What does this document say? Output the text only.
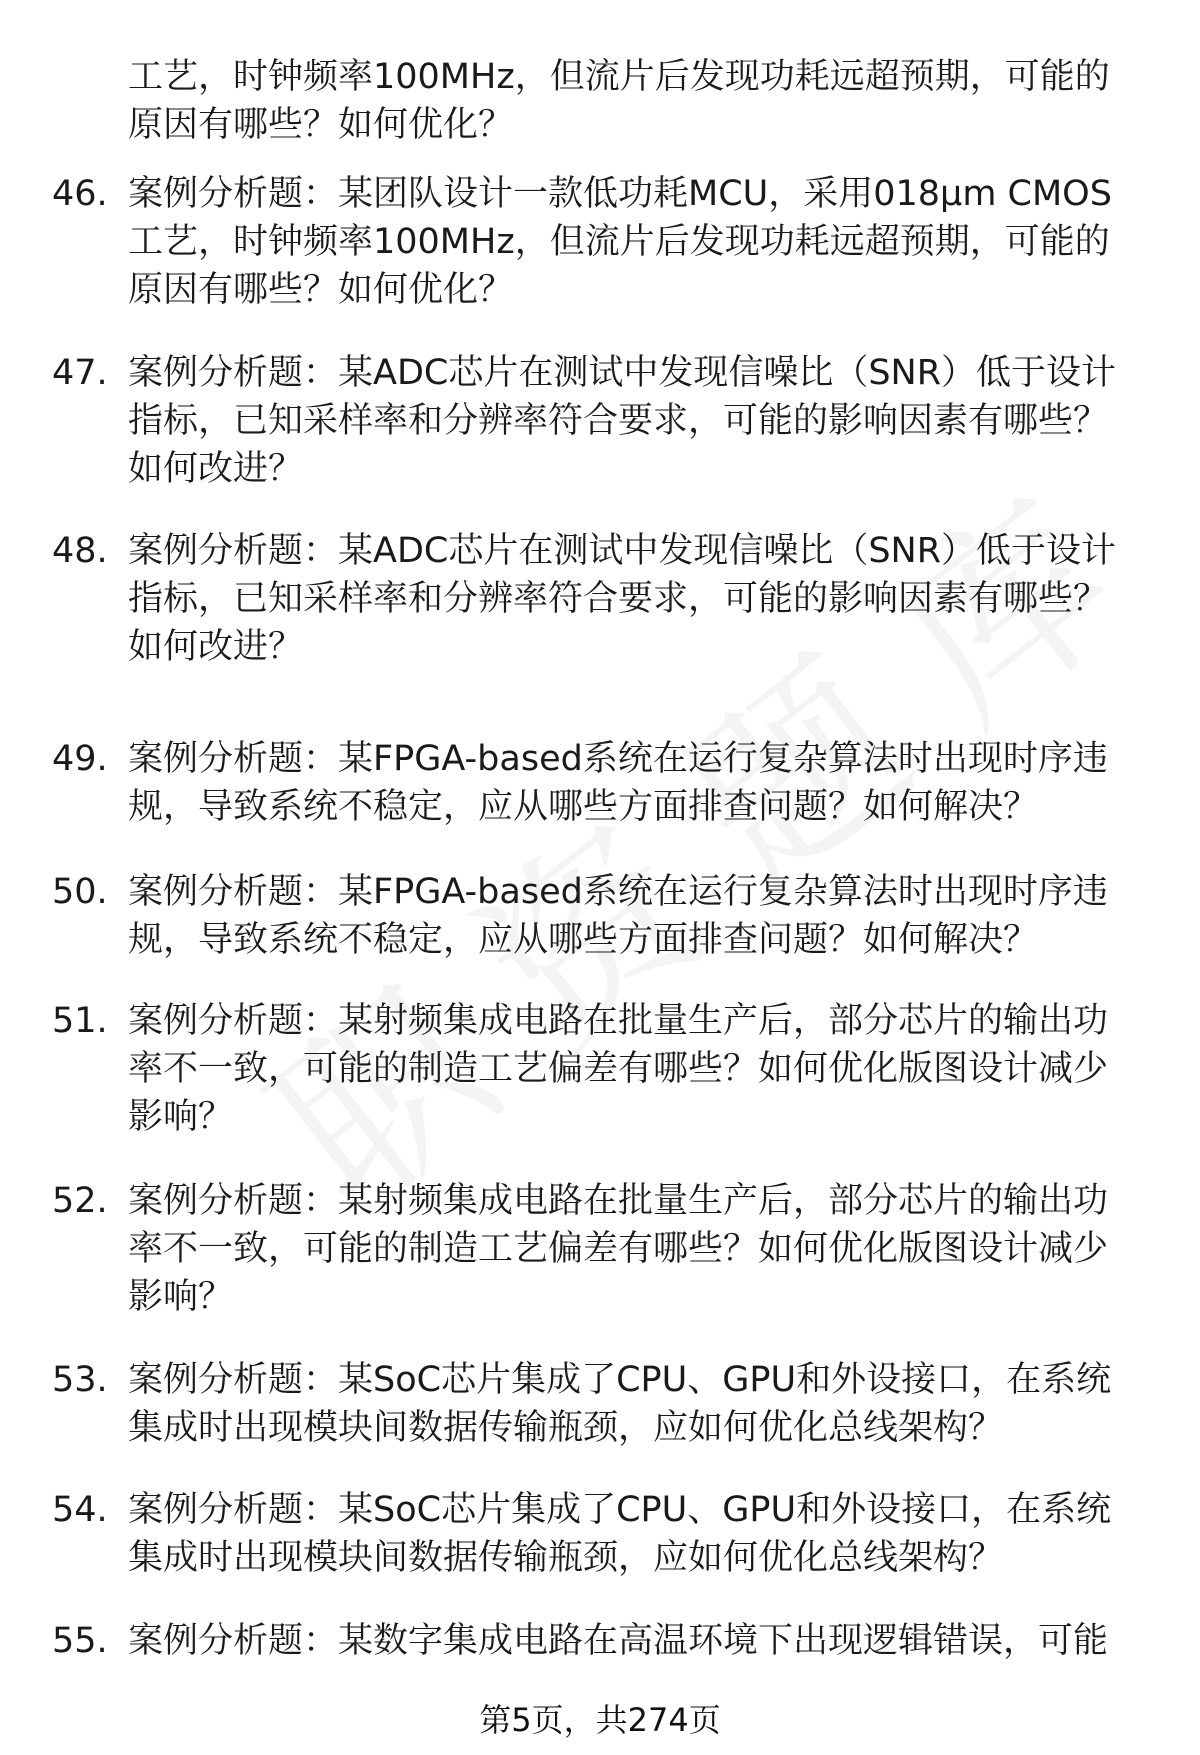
工艺，时钟频率100MHz，但流片后发现功耗远超预期，可能的
原因有哪些？如何优化？
46. 案例分析题：某团队设计一款低功耗MCU，采用018μm CMOS
工艺，时钟频率100MHz，但流片后发现功耗远超预期，可能的
原因有哪些？如何优化？
47. 案例分析题：某ADC芯片在测试中发现信噪比（SNR）低于设计
指标，已知采样率和分辨率符合要求，可能的影响因素有哪些？
如何改进？
48. 案例分析题：某ADC芯片在测试中发现信噪比（SNR）低于设计
指标，已知采样率和分辨率符合要求，可能的影响因素有哪些？
如何改进？
49. 案例分析题：某FPGA-based系统在运行复杂算法时出现时序违
规，导致系统不稳定，应从哪些方面排查问题？如何解决？
50. 案例分析题：某FPGA-based系统在运行复杂算法时出现时序违
规，导致系统不稳定，应从哪些方面排查问题？如何解决？
51. 案例分析题：某射频集成电路在批量生产后，部分芯片的输出功
率不一致，可能的制造工艺偏差有哪些？如何优化版图设计减少
影响？
52. 案例分析题：某射频集成电路在批量生产后，部分芯片的输出功
率不一致，可能的制造工艺偏差有哪些？如何优化版图设计减少
影响？
53. 案例分析题：某SoC芯片集成了CPU、GPU和外设接口，在系统
集成时出现模块间数据传输瓶颈，应如何优化总线架构？
54. 案例分析题：某SoC芯片集成了CPU、GPU和外设接口，在系统
集成时出现模块间数据传输瓶颈，应如何优化总线架构？
55. 案例分析题：某数字集成电路在高温环境下出现逻辑错误，可能
第5页，共274页
